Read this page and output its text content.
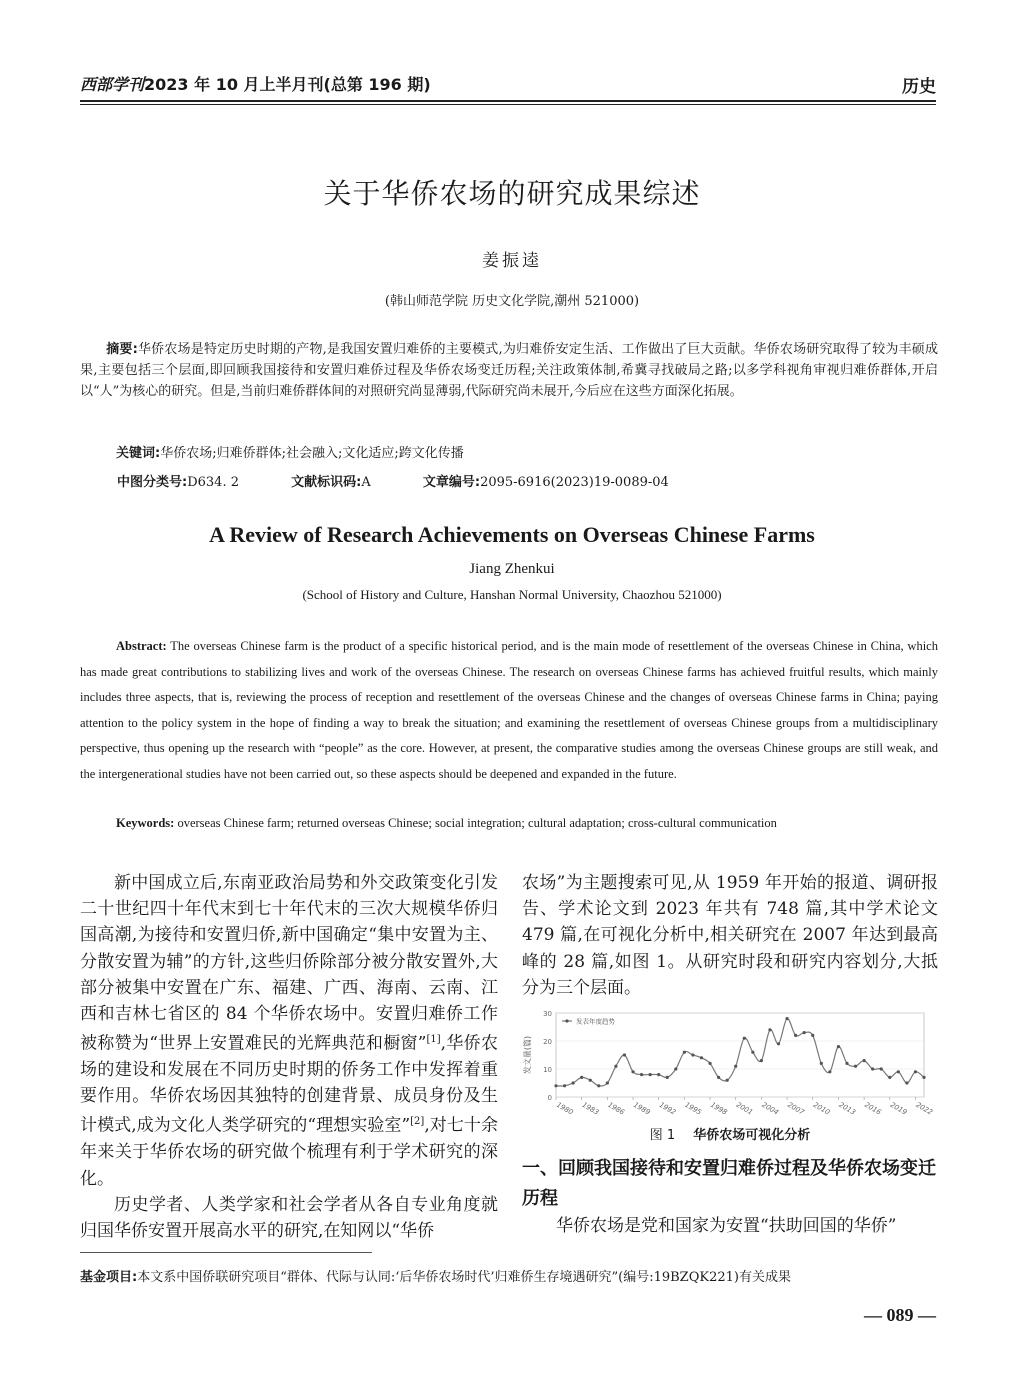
西部学刊2023 年 10 月上半月刊(总第 196 期)	历史
关于华侨农场的研究成果综述
姜振逵
(韩山师范学院 历史文化学院,潮州 521000)
摘要:华侨农场是特定历史时期的产物,是我国安置归难侨的主要模式,为归难侨安定生活、工作做出了巨大贡献。华侨农场研究取得了较为丰硕成果,主要包括三个层面,即回顾我国接待和安置归难侨过程及华侨农场变迁历程;关注政策体制,希冀寻找破局之路;以多学科视角审视归难侨群体,开启以“人”为核心的研究。但是,当前归难侨群体间的对照研究尚显薄弱,代际研究尚未展开,今后应在这些方面深化拓展。
关键词:华侨农场;归难侨群体;社会融入;文化适应;跨文化传播
中图分类号:D634. 2	文献标识码:A	文章编号:2095-6916(2023)19-0089-04
A Review of Research Achievements on Overseas Chinese Farms
Jiang Zhenkui
(School of History and Culture, Hanshan Normal University, Chaozhou 521000)
Abstract: The overseas Chinese farm is the product of a specific historical period, and is the main mode of resettlement of the overseas Chinese in China, which has made great contributions to stabilizing lives and work of the overseas Chinese. The research on overseas Chinese farms has achieved fruitful results, which mainly includes three aspects, that is, reviewing the process of reception and resettlement of the overseas Chinese and the changes of overseas Chinese farms in China; paying attention to the policy system in the hope of finding a way to break the situation; and examining the resettlement of overseas Chinese groups from a multidisciplinary perspective, thus opening up the research with “people” as the core. However, at present, the comparative studies among the overseas Chinese groups are still weak, and the intergenerational studies have not been carried out, so these aspects should be deepened and expanded in the future.
Keywords: overseas Chinese farm; returned overseas Chinese; social integration; cultural adaptation; cross-cultural communication

新中国成立后,东南亚政治局势和外交政策变化引发二十世纪四十年代末到七十年代末的三次大规模华侨归国高潮,为接待和安置归侨,新中国确定“集中安置为主、分散安置为辅”的方针,这些归侨除部分被分散安置外,大部分被集中安置在广东、福建、广西、海南、云南、江西和吉林七省区的 84 个华侨农场中。安置归难侨工作被称赞为“世界上安置难民的光辉典范和橱窗”[1],华侨农场的建设和发展在不同历史时期的侨务工作中发挥着重要作用。华侨农场因其独特的创建背景、成员身份及生计模式,成为文化人类学研究的“理想实验室”[2],对七十余年来关于华侨农场的研究做个梳理有利于学术研究的深化。

历史学者、人类学家和社会学者从各自专业角度就归国华侨安置开展高水平的研究,在知网以“华侨

农场”为主题搜索可见,从 1959 年开始的报道、调研报告、学术论文到 2023 年共有 748 篇,其中学术论文 479 篇,在可视化分析中,相关研究在 2007 年达到最高峰的 28 篇,如图 1。从研究时段和研究内容划分,大抵分为三个层面。

0
10
20
30
发文量(篇)
1980 1983 1986 1989 1992 1995 1998 2001 2004 2007 2010 2013 2016 2019 2022
发表年度趋势
图 1 华侨农场可视化分析
一、回顾我国接待和安置归难侨过程及华侨农场变迁历程

华侨农场是党和国家为安置“扶助回国的华侨”

基金项目:本文系中国侨联研究项目“群体、代际与认同:‘后华侨农场时代’归难侨生存境遇研究”(编号:19BZQK221)有关成果
— 089 —
